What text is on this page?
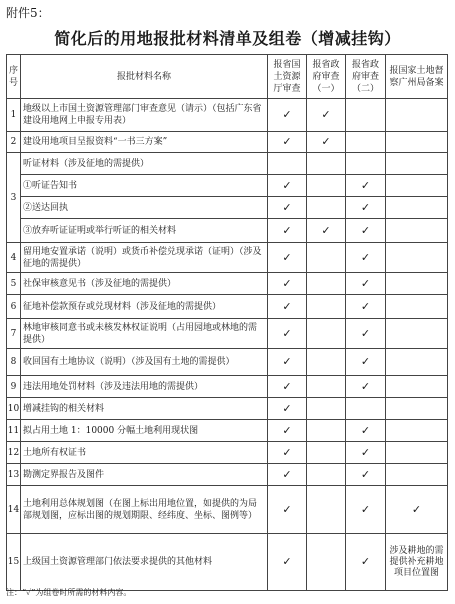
附件5：
简化后的用地报批材料清单及组卷（增减挂钩）
序号	报批材料名称	报省国土资源厅审查	报省政府审查（一）	报省政府审查（二）	报国家土地督察广州局备案
1	地级以上市国土资源管理部门审查意见（请示）（包括广东省建设用地网上申报专用表）	✓	✓		
2	建设用地项目呈报资料“一书三方案”	✓	✓		
3	听证材料（涉及征地的需提供）				
	①听证告知书	✓		✓	
	②送达回执	✓		✓	
	③放弃听证证明或举行听证的相关材料	✓	✓	✓	
4	留用地安置承诺（说明）或货币补偿兑现承诺（证明）（涉及征地的需提供）	✓		✓	
5	社保审核意见书（涉及征地的需提供）	✓		✓	
6	征地补偿款预存或兑现材料（涉及征地的需提供）	✓		✓	
7	林地审核同意书或未核发林权证说明（占用园地或林地的需提供）	✓		✓	
8	收回国有土地协议（说明）（涉及国有土地的需提供）	✓		✓	
9	违法用地处罚材料（涉及违法用地的需提供）	✓		✓	
10	增减挂钩的相关材料	✓			
11	拟占用土地 1：10000 分幅土地利用现状图	✓		✓	
12	土地所有权证书	✓		✓	
13	勘测定界报告及图件	✓		✓	
14	土地利用总体规划图（在图上标出用地位置，如提供的为局部规划图，应标出图的规划期限、经纬度、坐标、图例等）	✓		✓	✓
15	上级国土资源管理部门依法要求提供的其他材料	✓		✓	涉及耕地的需提供补充耕地项目位置图
注：“✓”为组卷时所需的材料内容。
